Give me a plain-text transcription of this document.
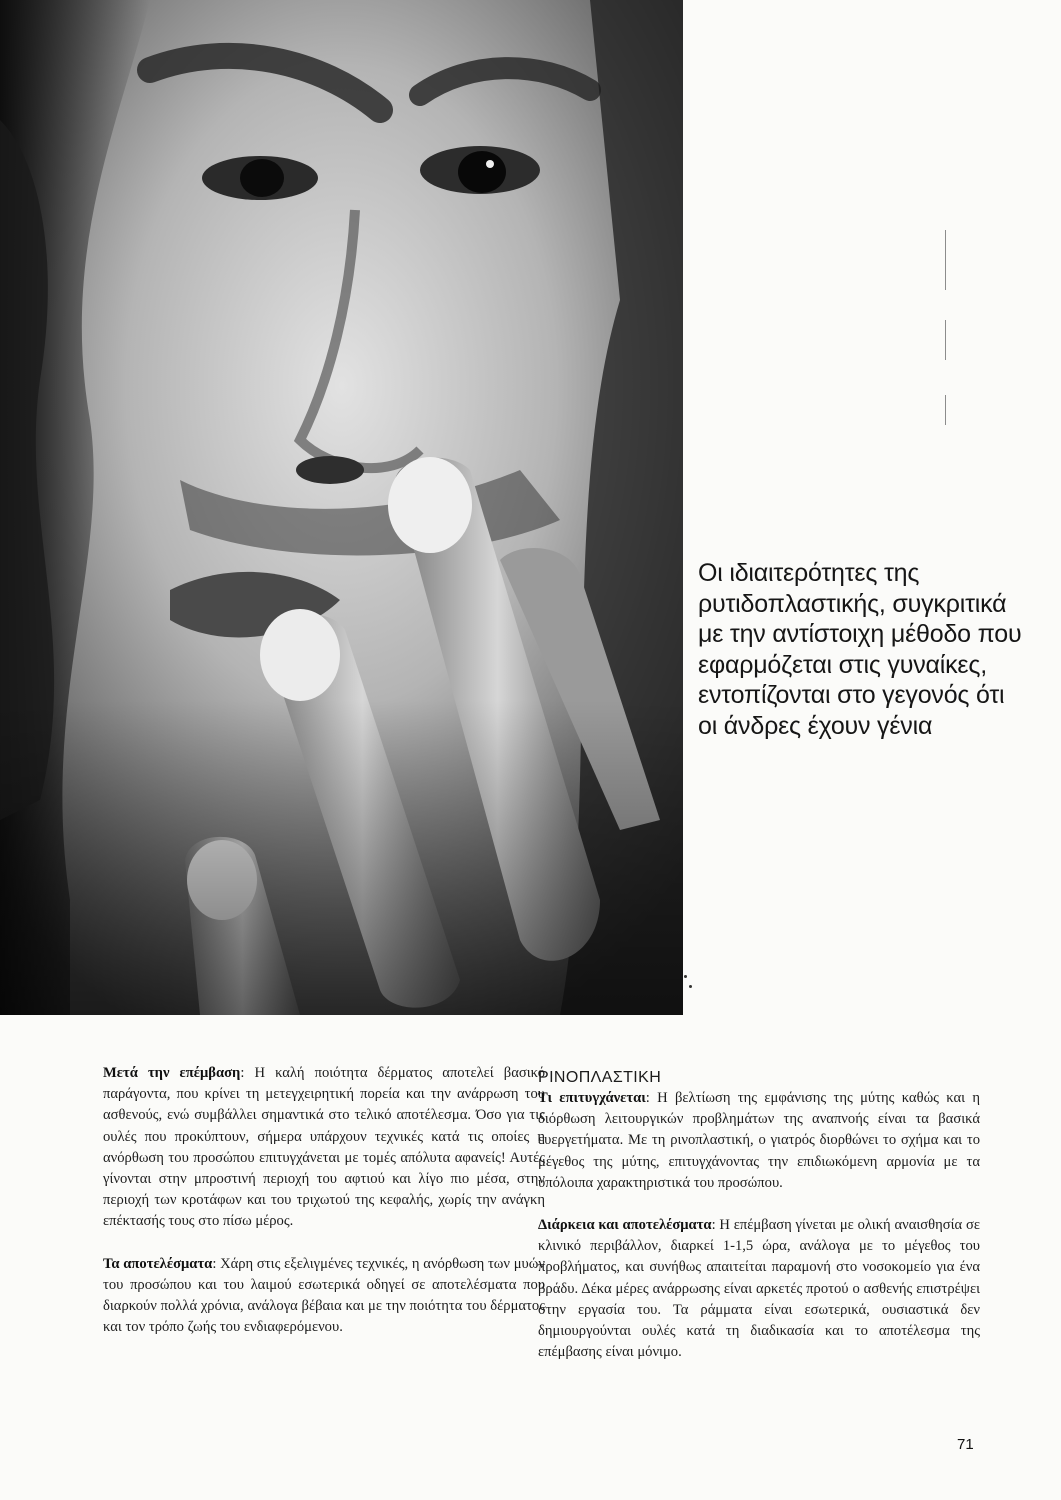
Οι ιδιαιτερότητες της ρυτιδοπλαστικής, συγκριτικά με την αντίστοιχη μέθοδο που εφαρμόζεται στις γυναίκες, εντοπίζονται στο γεγονός ότι οι άνδρες έχουν γένια

Μετά την επέμβαση: Η καλή ποιότητα δέρματος αποτελεί βασικό παράγοντα, που κρίνει τη μετεγχειρητική πορεία και την ανάρρωση του ασθενούς, ενώ συμβάλλει σημαντικά στο τελικό αποτέλεσμα. Όσο για τις ουλές που προκύπτουν, σήμερα υπάρχουν τεχνικές κατά τις οποίες η ανόρθωση του προσώπου επιτυγχάνεται με τομές απόλυτα αφανείς! Αυτές γίνονται στην μπροστινή περιοχή του αφτιού και λίγο πιο μέσα, στην περιοχή των κροτάφων και του τριχωτού της κεφαλής, χωρίς την ανάγκη επέκτασής τους στο πίσω μέρος.

Τα αποτελέσματα: Χάρη στις εξελιγμένες τεχνικές, η ανόρθωση των μυών του προσώπου και του λαιμού εσωτερικά οδηγεί σε αποτελέσματα που διαρκούν πολλά χρόνια, ανάλογα βέβαια και με την ποιότητα του δέρματος και τον τρόπο ζωής του ενδιαφερόμενου.

ΡΙΝΟΠΛΑΣΤΙΚΗ

Τι επιτυγχάνεται: Η βελτίωση της εμφάνισης της μύτης καθώς και η διόρθωση λειτουργικών προβλημάτων της αναπνοής είναι τα βασικά ευεργετήματα. Με τη ρινοπλαστική, ο γιατρός διορθώνει το σχήμα και το μέγεθος της μύτης, επιτυγχάνοντας την επιδιωκόμενη αρμονία με τα υπόλοιπα χαρακτηριστικά του προσώπου.

Διάρκεια και αποτελέσματα: Η επέμβαση γίνεται με ολική αναισθησία σε κλινικό περιβάλλον, διαρκεί 1-1,5 ώρα, ανάλογα με το μέγεθος του προβλήματος, και συνήθως απαιτείται παραμονή στο νοσοκομείο για ένα βράδυ. Δέκα μέρες ανάρρωσης είναι αρκετές προτού ο ασθενής επιστρέψει στην εργασία του. Τα ράμματα είναι εσωτερικά, ουσιαστικά δεν δημιουργούνται ουλές κατά τη διαδικασία και το αποτέλεσμα της επέμβασης είναι μόνιμο.

71
